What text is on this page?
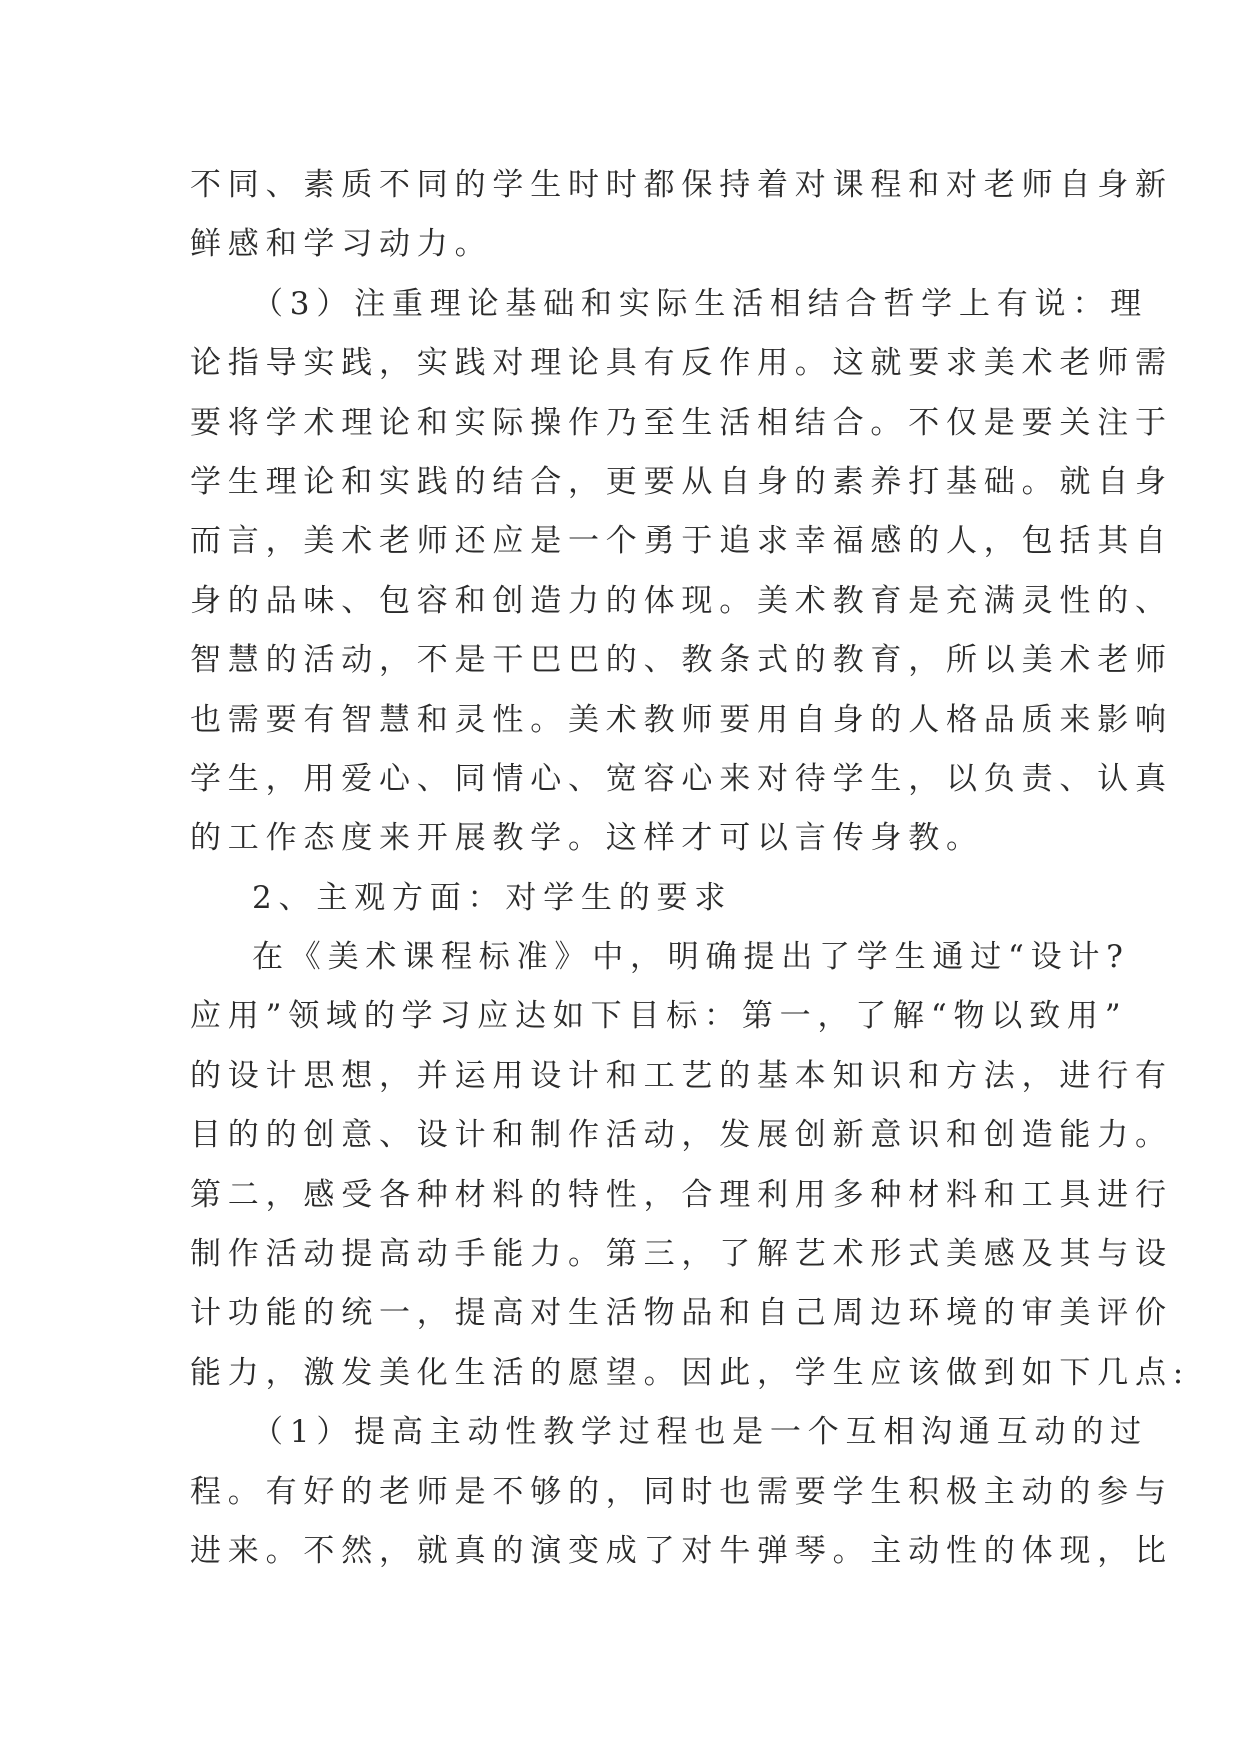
不同、素质不同的学生时时都保持着对课程和对老师自身新
鲜感和学习动力。
（3）注重理论基础和实际生活相结合哲学上有说：理
论指导实践，实践对理论具有反作用。这就要求美术老师需
要将学术理论和实际操作乃至生活相结合。不仅是要关注于
学生理论和实践的结合，更要从自身的素养打基础。就自身
而言，美术老师还应是一个勇于追求幸福感的人，包括其自
身的品味、包容和创造力的体现。美术教育是充满灵性的、
智慧的活动，不是干巴巴的、教条式的教育，所以美术老师
也需要有智慧和灵性。美术教师要用自身的人格品质来影响
学生，用爱心、同情心、宽容心来对待学生，以负责、认真
的工作态度来开展教学。这样才可以言传身教。
2、主观方面：对学生的要求
在《美术课程标准》中，明确提出了学生通过“设计?
应用”领域的学习应达如下目标：第一，了解“物以致用”
的设计思想，并运用设计和工艺的基本知识和方法，进行有
目的的创意、设计和制作活动，发展创新意识和创造能力。
第二，感受各种材料的特性，合理利用多种材料和工具进行
制作活动提高动手能力。第三，了解艺术形式美感及其与设
计功能的统一，提高对生活物品和自己周边环境的审美评价
能力，激发美化生活的愿望。因此，学生应该做到如下几点:
（1）提高主动性教学过程也是一个互相沟通互动的过
程。有好的老师是不够的，同时也需要学生积极主动的参与
进来。不然，就真的演变成了对牛弹琴。主动性的体现，比
